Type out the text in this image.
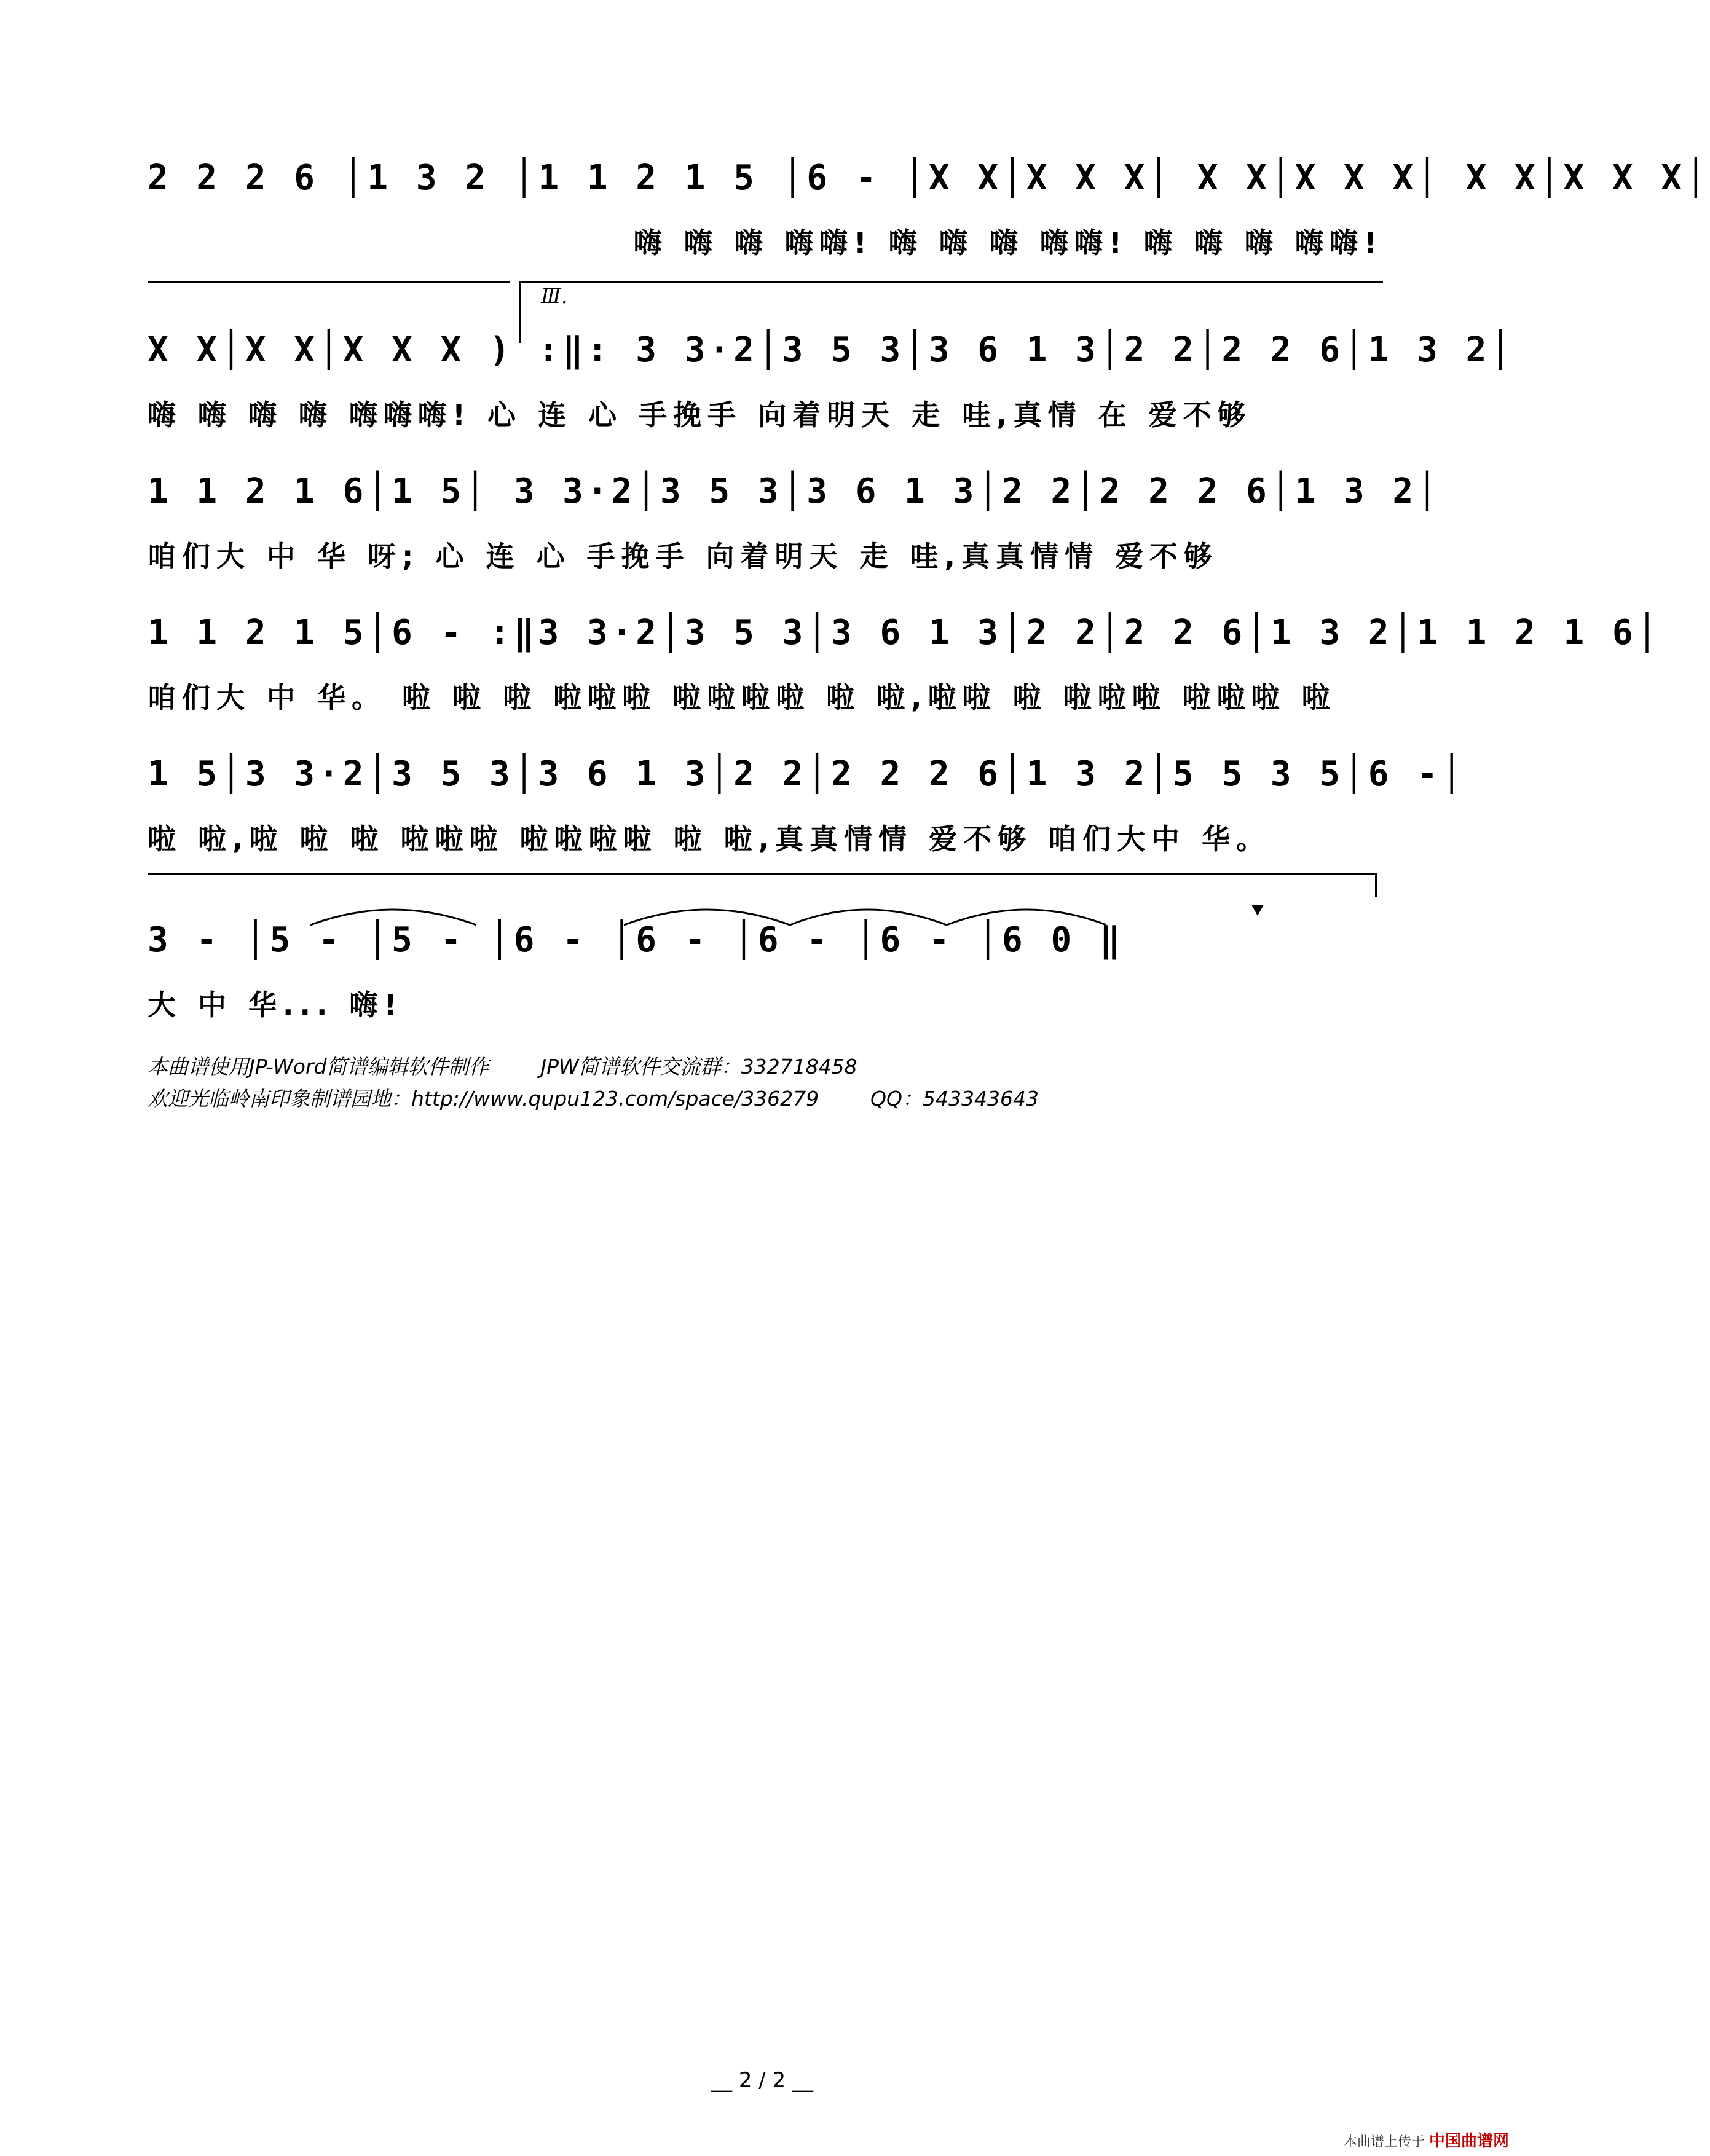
2 2 2 6 │1 3 2 │1 1 2 1 5 │6 - │X X│X X X│ X X│X X X│ X X│X X X│
嗨 嗨 嗨 嗨嗨! 嗨 嗨 嗨 嗨嗨! 嗨 嗨 嗨 嗨嗨!
Ⅲ.
X X│X X│X X X ) :‖: 3 3·2│3 5 3│3 6 1 3│2 2│2 2 6│1 3 2│
嗨 嗨 嗨 嗨 嗨嗨嗨! 心 连 心 手挽手 向着明天 走 哇,真情 在 爱不够
1 1 2 1 6│1 5│ 3 3·2│3 5 3│3 6 1 3│2 2│2 2 2 6│1 3 2│
咱们大 中 华 呀; 心 连 心 手挽手 向着明天 走 哇,真真情情 爱不够
1 1 2 1 5│6 - :‖3 3·2│3 5 3│3 6 1 3│2 2│2 2 6│1 3 2│1 1 2 1 6│
咱们大 中 华。 啦 啦 啦 啦啦啦 啦啦啦啦 啦 啦,啦啦 啦 啦啦啦 啦啦啦 啦
1 5│3 3·2│3 5 3│3 6 1 3│2 2│2 2 2 6│1 3 2│5 5 3 5│6 -│
啦 啦,啦 啦 啦 啦啦啦 啦啦啦啦 啦 啦,真真情情 爱不够 咱们大中 华。
3 - │5 - │5 - │6 - │6 - │6 - │6 - │6 0 ‖
大 中 华... 嗨!
本曲谱使用JP-Word简谱编辑软件制作        JPW简谱软件交流群：332718458
欢迎光临岭南印象制谱园地：http://www.qupu123.com/space/336279        QQ：543343643
__ 2 / 2 __
本曲谱上传于 中国曲谱网
